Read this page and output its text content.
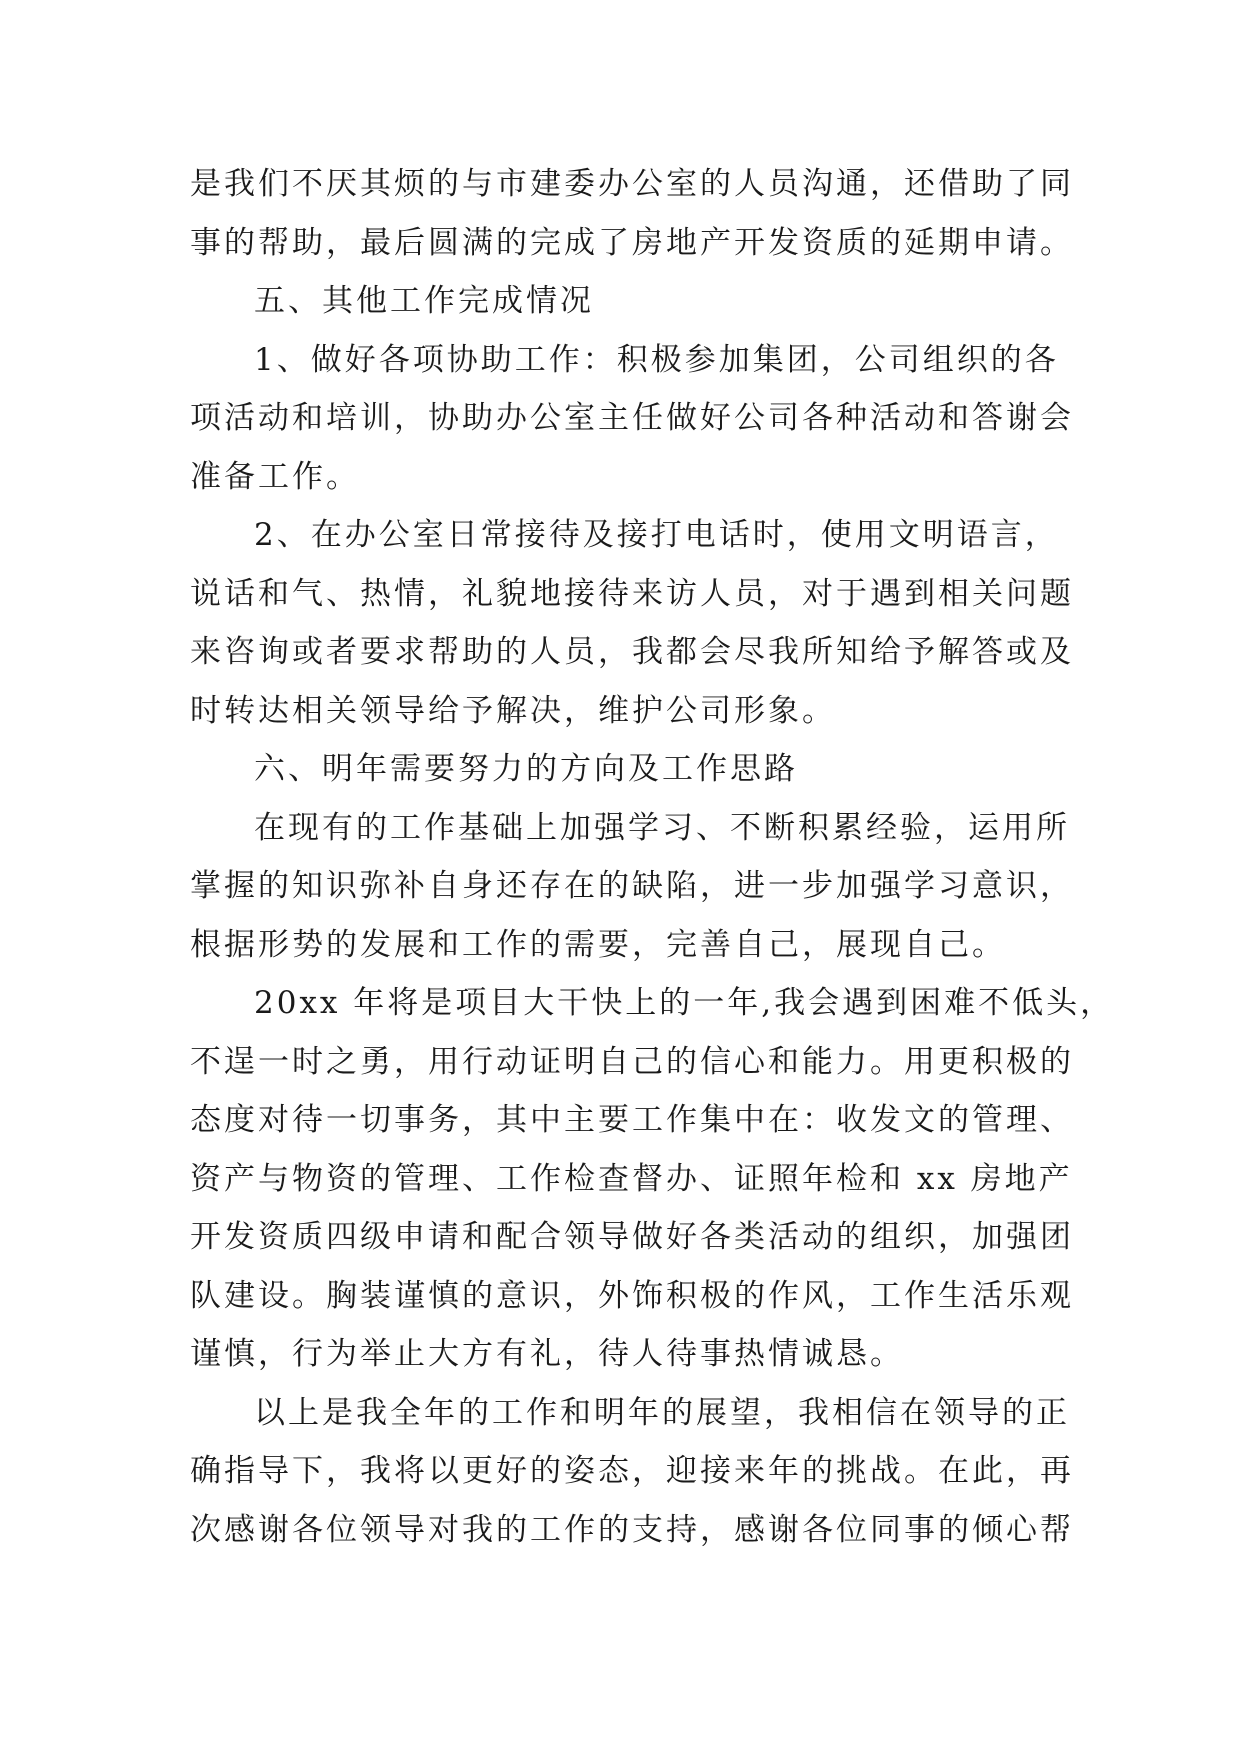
是我们不厌其烦的与市建委办公室的人员沟通，还借助了同
事的帮助，最后圆满的完成了房地产开发资质的延期申请。
五、其他工作完成情况
1、做好各项协助工作：积极参加集团，公司组织的各
项活动和培训，协助办公室主任做好公司各种活动和答谢会
准备工作。
2、在办公室日常接待及接打电话时，使用文明语言，
说话和气、热情，礼貌地接待来访人员，对于遇到相关问题
来咨询或者要求帮助的人员，我都会尽我所知给予解答或及
时转达相关领导给予解决，维护公司形象。
六、明年需要努力的方向及工作思路
在现有的工作基础上加强学习、不断积累经验，运用所
掌握的知识弥补自身还存在的缺陷，进一步加强学习意识，
根据形势的发展和工作的需要，完善自己，展现自己。
20xx 年将是项目大干快上的一年,我会遇到困难不低头，
不逞一时之勇，用行动证明自己的信心和能力。用更积极的
态度对待一切事务，其中主要工作集中在：收发文的管理、
资产与物资的管理、工作检查督办、证照年检和 xx 房地产
开发资质四级申请和配合领导做好各类活动的组织，加强团
队建设。胸装谨慎的意识，外饰积极的作风，工作生活乐观
谨慎，行为举止大方有礼，待人待事热情诚恳。
以上是我全年的工作和明年的展望，我相信在领导的正
确指导下，我将以更好的姿态，迎接来年的挑战。在此，再
次感谢各位领导对我的工作的支持，感谢各位同事的倾心帮
